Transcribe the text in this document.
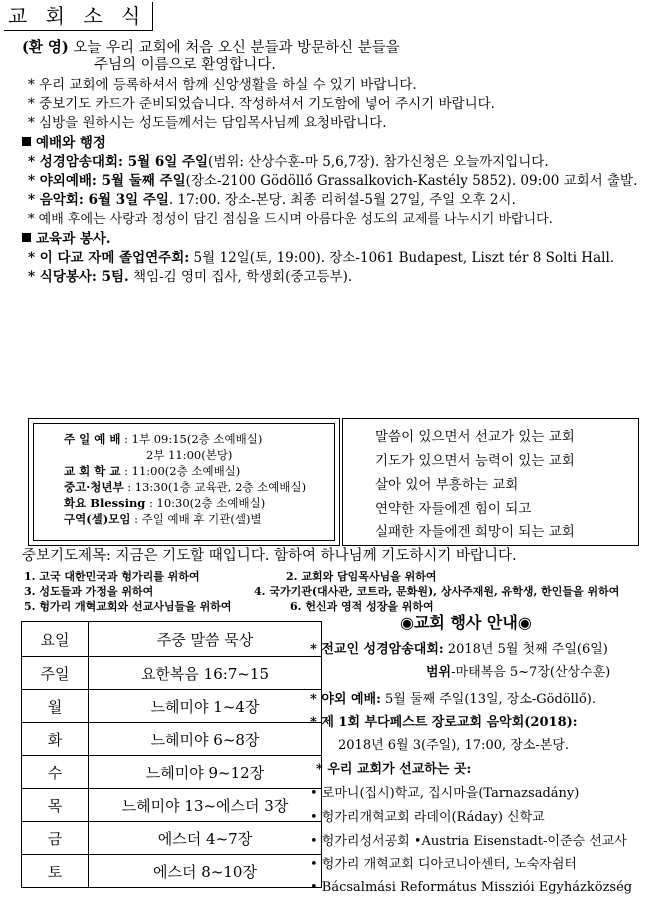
교 회 소 식
(환 영) 오늘 우리 교회에 처음 오신 분들과 방문하신 분들을
주님의 이름으로 환영합니다.
* 우리 교회에 등록하셔서 함께 신앙생활을 하실 수 있기 바랍니다.
* 중보기도 카드가 준비되었습니다. 작성하셔서 기도함에 넣어 주시기 바랍니다.
* 심방을 원하시는 성도들께서는 담임목사님께 요청바랍니다.
예배와 행정
* 성경암송대회: 5월 6일 주일(범위: 산상수훈-마 5,6,7장). 참가신청은 오늘까지입니다.
* 야외예배: 5월 둘째 주일(장소-2100 Gödöllő Grassalkovich-Kastély 5852). 09:00 교회서 출발.
* 음악회: 6월 3일 주일. 17:00. 장소-본당. 최종 리허설-5월 27일, 주일 오후 2시.
* 예배 후에는 사랑과 정성이 담긴 점심을 드시며 아름다운 성도의 교제를 나누시기 바랍니다.
교육과 봉사.
* 이 다교 자메 졸업연주회: 5월 12일(토, 19:00). 장소-1061 Budapest, Liszt tér 8 Solti Hall.
* 식당봉사: 5팀. 책임-김 영미 집사, 학생회(중고등부).
주 일 예 배 : 1부 09:15(2층 소예배실)
2부 11:00(본당)
교 회 학 교 : 11:00(2층 소예배실)
중고·청년부 : 13:30(1층 교육관, 2층 소예배실)
화요 Blessing : 10:30(2층 소예배실)
구역(셀)모임 : 주일 예배 후 기관(셀)별
말씀이 있으면서 선교가 있는 교회
기도가 있으면서 능력이 있는 교회
살아 있어 부흥하는 교회
연약한 자들에겐 힘이 되고
실패한 자들에겐 희망이 되는 교회
중보기도제목: 지금은 기도할 때입니다. 함하여 하나님께 기도하시기 바랍니다.
1. 고국 대한민국과 헝가리를 위하여	2. 교회와 담임목사님을 위하여
3. 성도들과 가정을 위하여	4. 국가기관(대사관, 코트라, 문화원), 상사주재원, 유학생, 한인들을 위하여
5. 헝가리 개혁교회와 선교사님들을 위하여	6. 헌신과 영적 성장을 위하여
요일	주중 말씀 묵상
주일	요한복음 16:7~15
월	느헤미야 1~4장
화	느헤미야 6~8장
수	느헤미야 9~12장
목	느헤미야 13~에스더 3장
금	에스더 4~7장
토	에스더 8~10장
◉교회 행사 안내◉
* 전교인 성경암송대회: 2018년 5월 첫째 주일(6일)
범위-마태복음 5~7장(산상수훈)
* 야외 예배: 5월 둘째 주일(13일, 장소-Gödöllő).
* 제 1회 부다페스트 장로교회 음악회(2018):
2018년 6월 3(주일), 17:00, 장소-본당.
* 우리 교회가 선교하는 곳:
• 로마니(집시)학교, 집시마을(Tarnazsadány)
• 헝가리개혁교회 라데이(Ráday) 신학교
• 헝가리성서공회 •Austria Eisenstadt-이준승 선교사
• 헝가리 개혁교회 디아코니아센터, 노숙자쉼터
• Bácsalmási Református Missziói Egyházközség
